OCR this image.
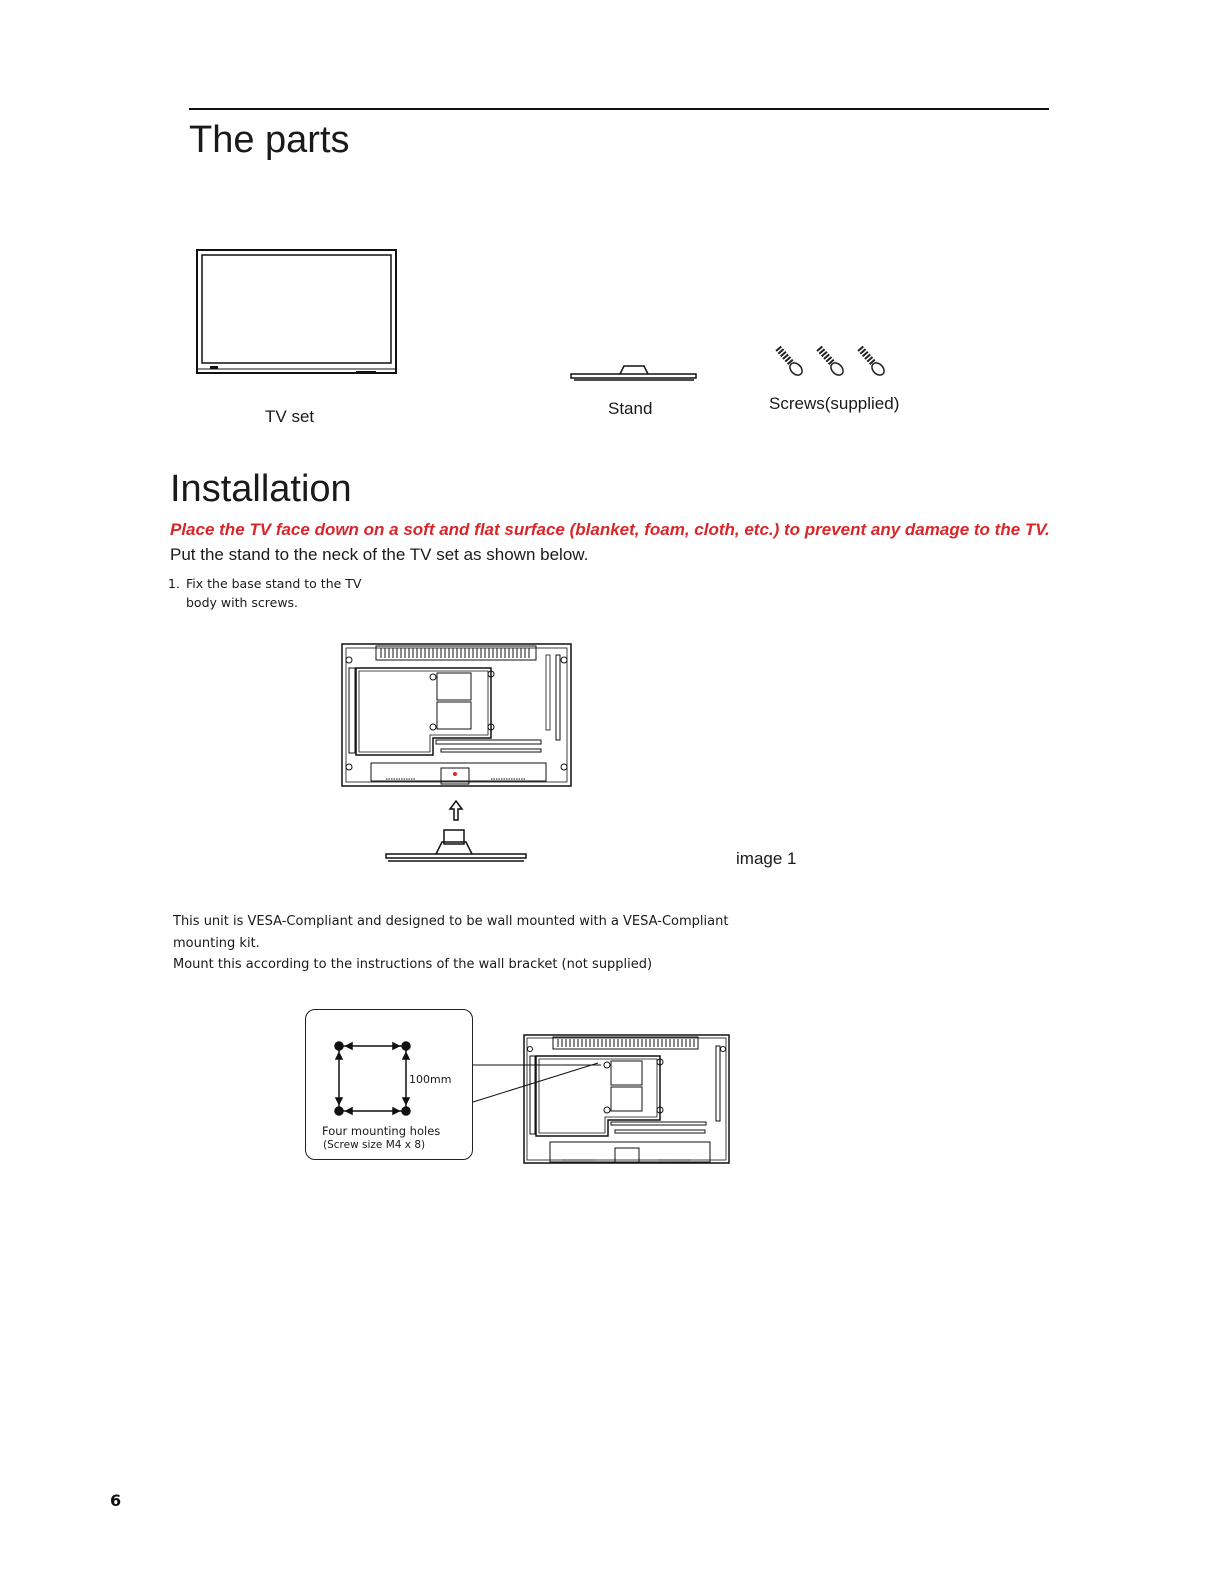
The parts
TV set	Stand	Screws(supplied)
Installation
Place the TV face down on a soft and flat surface (blanket, foam, cloth, etc.) to prevent any damage to the TV.
Put the stand to the neck of the TV set as shown below.
1. Fix the base stand to the TV
body with screws.
image 1

This unit is VESA-Compliant and designed to be wall mounted with a VESA-Compliant

mounting kit.

Mount this according to the instructions of the wall bracket (not supplied)

100mm
Four mounting holes
(Screw size M4 x 8)
6
